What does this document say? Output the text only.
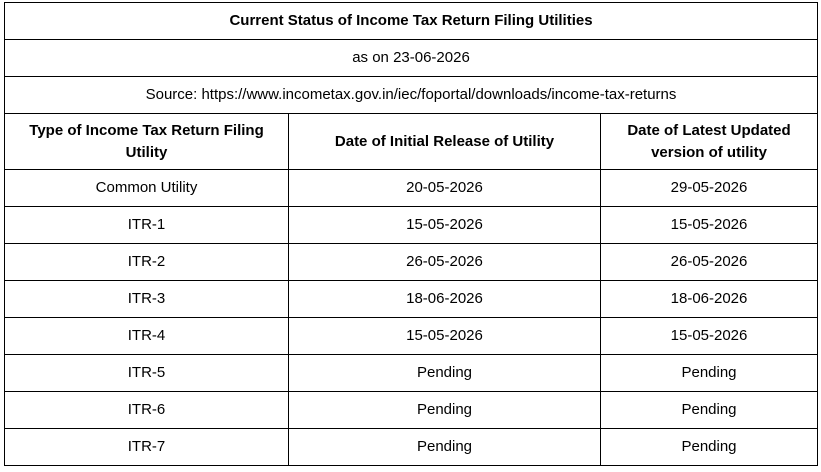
Current Status of Income Tax Return Filing Utilities		
as on 23-06-2026		
Source: https://www.incometax.gov.in/iec/foportal/downloads/income-tax-returns		
Type of Income Tax Return Filing Utility	Date of Initial Release of Utility	Date of Latest Updated version of utility
Common Utility	20-05-2026	29-05-2026
ITR-1	15-05-2026	15-05-2026
ITR-2	26-05-2026	26-05-2026
ITR-3	18-06-2026	18-06-2026
ITR-4	15-05-2026	15-05-2026
ITR-5	Pending	Pending
ITR-6	Pending	Pending
ITR-7	Pending	Pending
